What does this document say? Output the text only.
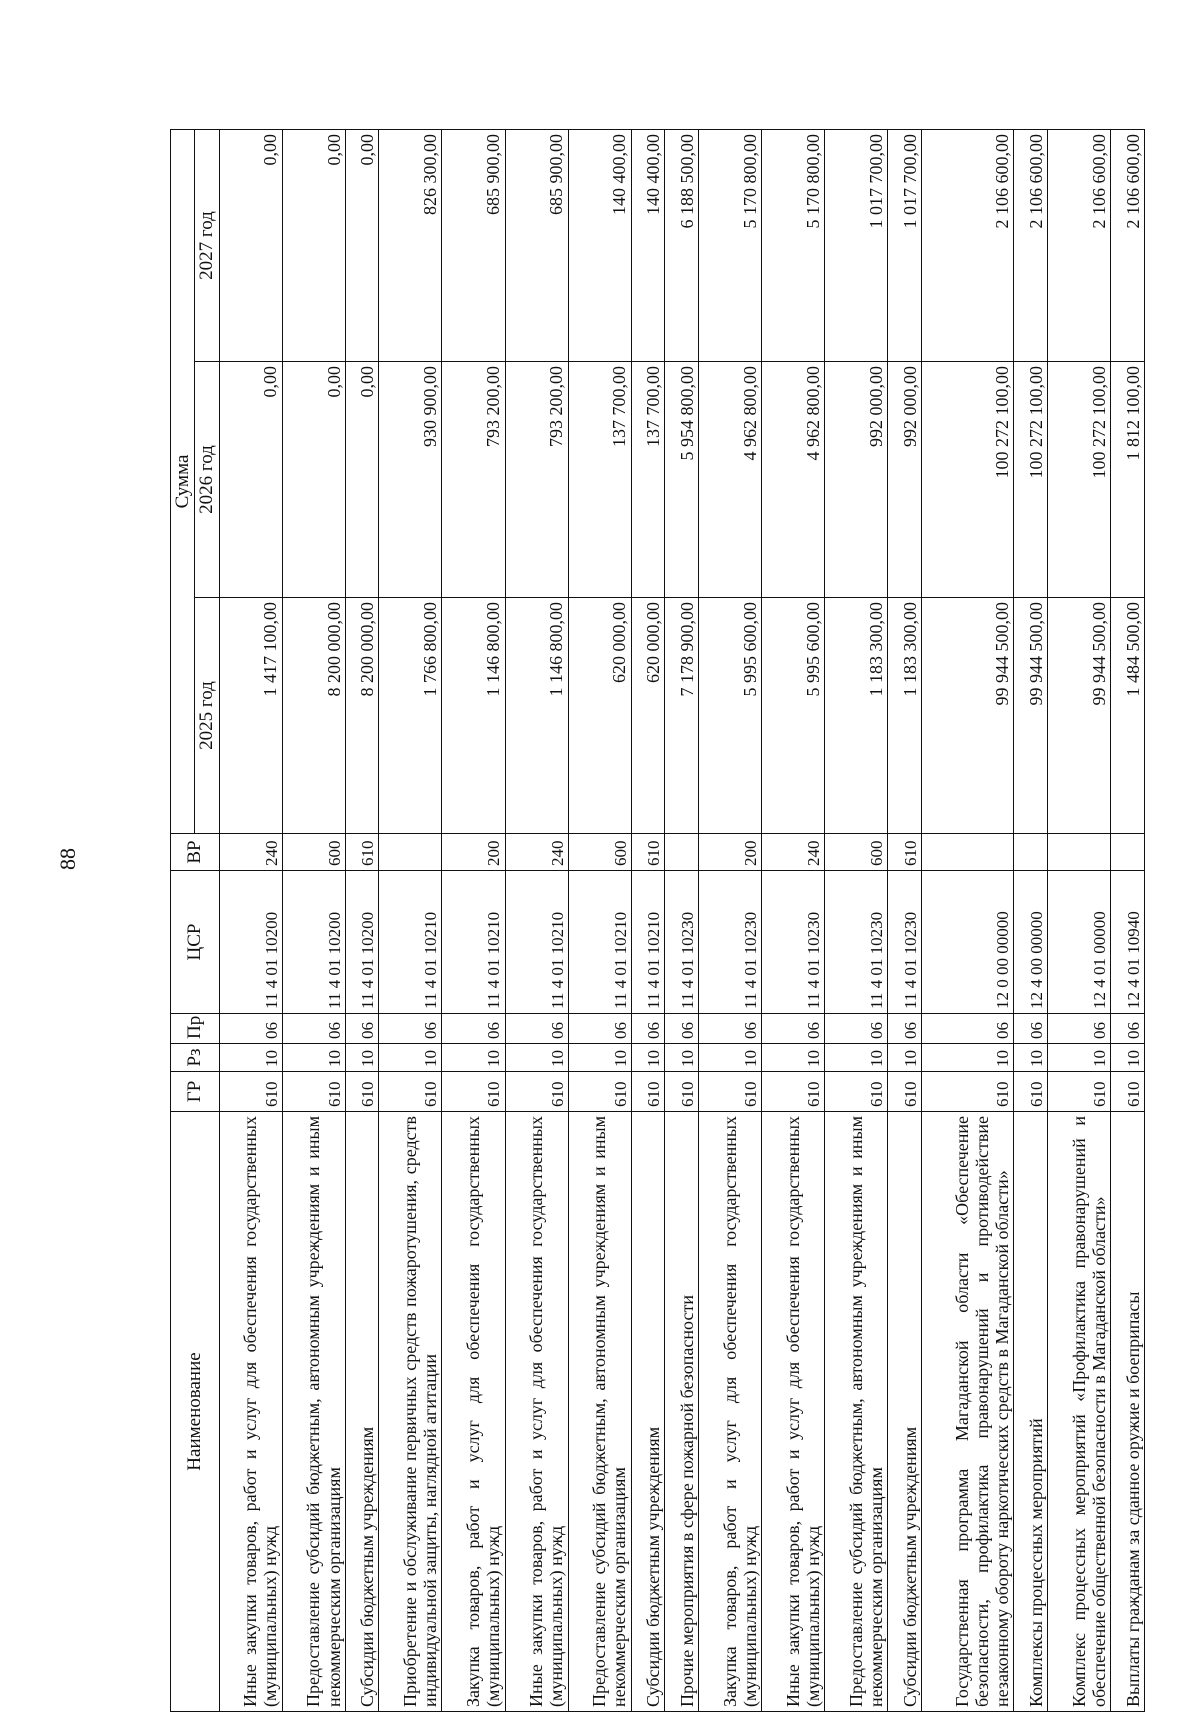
88
Наименование	ГР	Рз	Пр	ЦСР	ВР	Сумма		
						2025 год	2026 год	2027 год
Иные закупки товаров, работ и услуг для обеспечения государственных (муниципальных) нужд	610	10	06	11 4 01 10200	240	1 417 100,00	0,00	0,00
Предоставление субсидий бюджетным, автономным учреждениям и иным некоммерческим организациям	610	10	06	11 4 01 10200	600	8 200 000,00	0,00	0,00
Субсидии бюджетным учреждениям	610	10	06	11 4 01 10200	610	8 200 000,00	0,00	0,00
Приобретение и обслуживание первичных средств пожаротушения, средств индивидуальной защиты, наглядной агитации	610	10	06	11 4 01 10210		1 766 800,00	930 900,00	826 300,00
Закупка товаров, работ и услуг для обеспечения государственных (муниципальных) нужд	610	10	06	11 4 01 10210	200	1 146 800,00	793 200,00	685 900,00
Иные закупки товаров, работ и услуг для обеспечения государственных (муниципальных) нужд	610	10	06	11 4 01 10210	240	1 146 800,00	793 200,00	685 900,00
Предоставление субсидий бюджетным, автономным учреждениям и иным некоммерческим организациям	610	10	06	11 4 01 10210	600	620 000,00	137 700,00	140 400,00
Субсидии бюджетным учреждениям	610	10	06	11 4 01 10210	610	620 000,00	137 700,00	140 400,00
Прочие мероприятия в сфере пожарной безопасности	610	10	06	11 4 01 10230		7 178 900,00	5 954 800,00	6 188 500,00
Закупка товаров, работ и услуг для обеспечения государственных (муниципальных) нужд	610	10	06	11 4 01 10230	200	5 995 600,00	4 962 800,00	5 170 800,00
Иные закупки товаров, работ и услуг для обеспечения государственных (муниципальных) нужд	610	10	06	11 4 01 10230	240	5 995 600,00	4 962 800,00	5 170 800,00
Предоставление субсидий бюджетным, автономным учреждениям и иным некоммерческим организациям	610	10	06	11 4 01 10230	600	1 183 300,00	992 000,00	1 017 700,00
Субсидии бюджетным учреждениям	610	10	06	11 4 01 10230	610	1 183 300,00	992 000,00	1 017 700,00
Государственная программа Магаданской области «Обеспечение безопасности, профилактика правонарушений и противодействие незаконному обороту наркотических средств в Магаданской области»	610	10	06	12 0 00 00000		99 944 500,00	100 272 100,00	2 106 600,00
Комплексы процессных мероприятий	610	10	06	12 4 00 00000		99 944 500,00	100 272 100,00	2 106 600,00
Комплекс процессных мероприятий «Профилактика правонарушений и обеспечение общественной безопасности в Магаданской области»	610	10	06	12 4 01 00000		99 944 500,00	100 272 100,00	2 106 600,00
Выплаты гражданам за сданное оружие и боеприпасы	610	10	06	12 4 01 10940		1 484 500,00	1 812 100,00	2 106 600,00
